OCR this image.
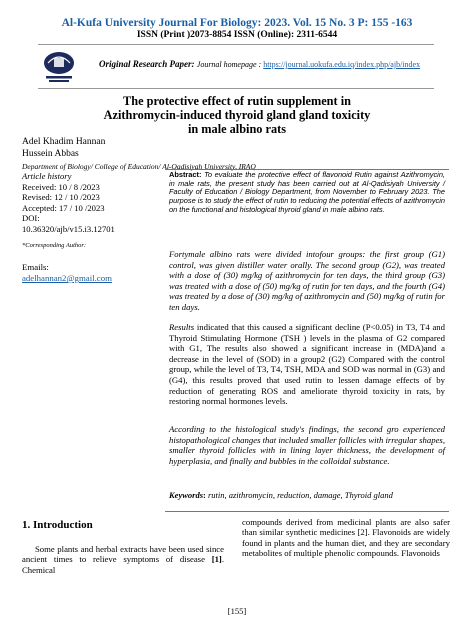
Al-Kufa University Journal For Biology: 2023. Vol. 15 No. 3 P: 155 -163
ISSN (Print )2073-8854 ISSN (Online): 2311-6544
Original Research Paper: Journal homepage : https://journal.uokufa.edu.iq/index.php/ajb/index
The protective effect of rutin supplement in
Azithromycin-induced thyroid gland gland toxicity
in male albino rats
Adel Khadim Hannan
Hussein Abbas
Department of Biology/ College of Education/ Al-Qadisiyah University, IRAQ
Article history
Received: 10 / 8 /2023
Revised: 12 / 10 /2023
Accepted: 17 / 10 /2023
DOI:
10.36320/ajb/v15.i3.12701
*Corresponding Author:
Emails:
adelhannan2@gmail.com
Abstract: To evaluate the protective effect of flavonoid Rutin against Azithromycin, in male rats, the present study has been carried out at Al-Qadisiyah University / Faculty of Education / Biology Department, from November to February 2023. The purpose is to study the effect of rutin to reducing the potential effects of azithromycin on the functional and histological thyroid gland in male albino rats.
Fortymale albino rats were divided intofour groups: the first group (G1) control, was given distiller water orally. The second group (G2), was treated with a dose of (30) mg/kg of azithromycin for ten days, the third group (G3) was treated with a dose of (50) mg/kg of rutin for ten days, and the fourth (G4) was treated by a dose of (30) mg/kg of azithromycin and (50) mg/kg of rutin for ten days.
Results indicated that this caused a significant decline (P<0.05) in T3, T4 and Thyroid Stimulating Hormone (TSH ) levels in the plasma of G2 compared with G1, The results also showed a significant increase in (MDA)and a decrease in the level of (SOD) in a group2 (G2) Compared with the control group, while the level of T3, T4, TSH, MDA and SOD was normal in (G3) and (G4), this results proved that used rutin to lessen damage effects of by reduction of generating ROS and ameliorate thyroid toxicity in rats, by restoring normal hormones levels.
According to the histological study's findings, the second gro experienced histopathological changes that included smaller follicles with irregular shapes, smaller thyroid follicles with in lining layer thickness, the development of hyperplasia, and finally and bubbles in the colloidal substance.
Keywords: rutin, azithromycin, reduction, damage, Thyroid gland
1. Introduction
Some plants and herbal extracts have been used since ancient times to relieve symptoms of disease [1]. Chemical
compounds derived from medicinal plants are also safer than similar synthetic medicines [2]. Flavonoids are widely found in plants and the human diet, and they are secondary metabolites of multiple phenolic compounds. Flavonoids
[155]
